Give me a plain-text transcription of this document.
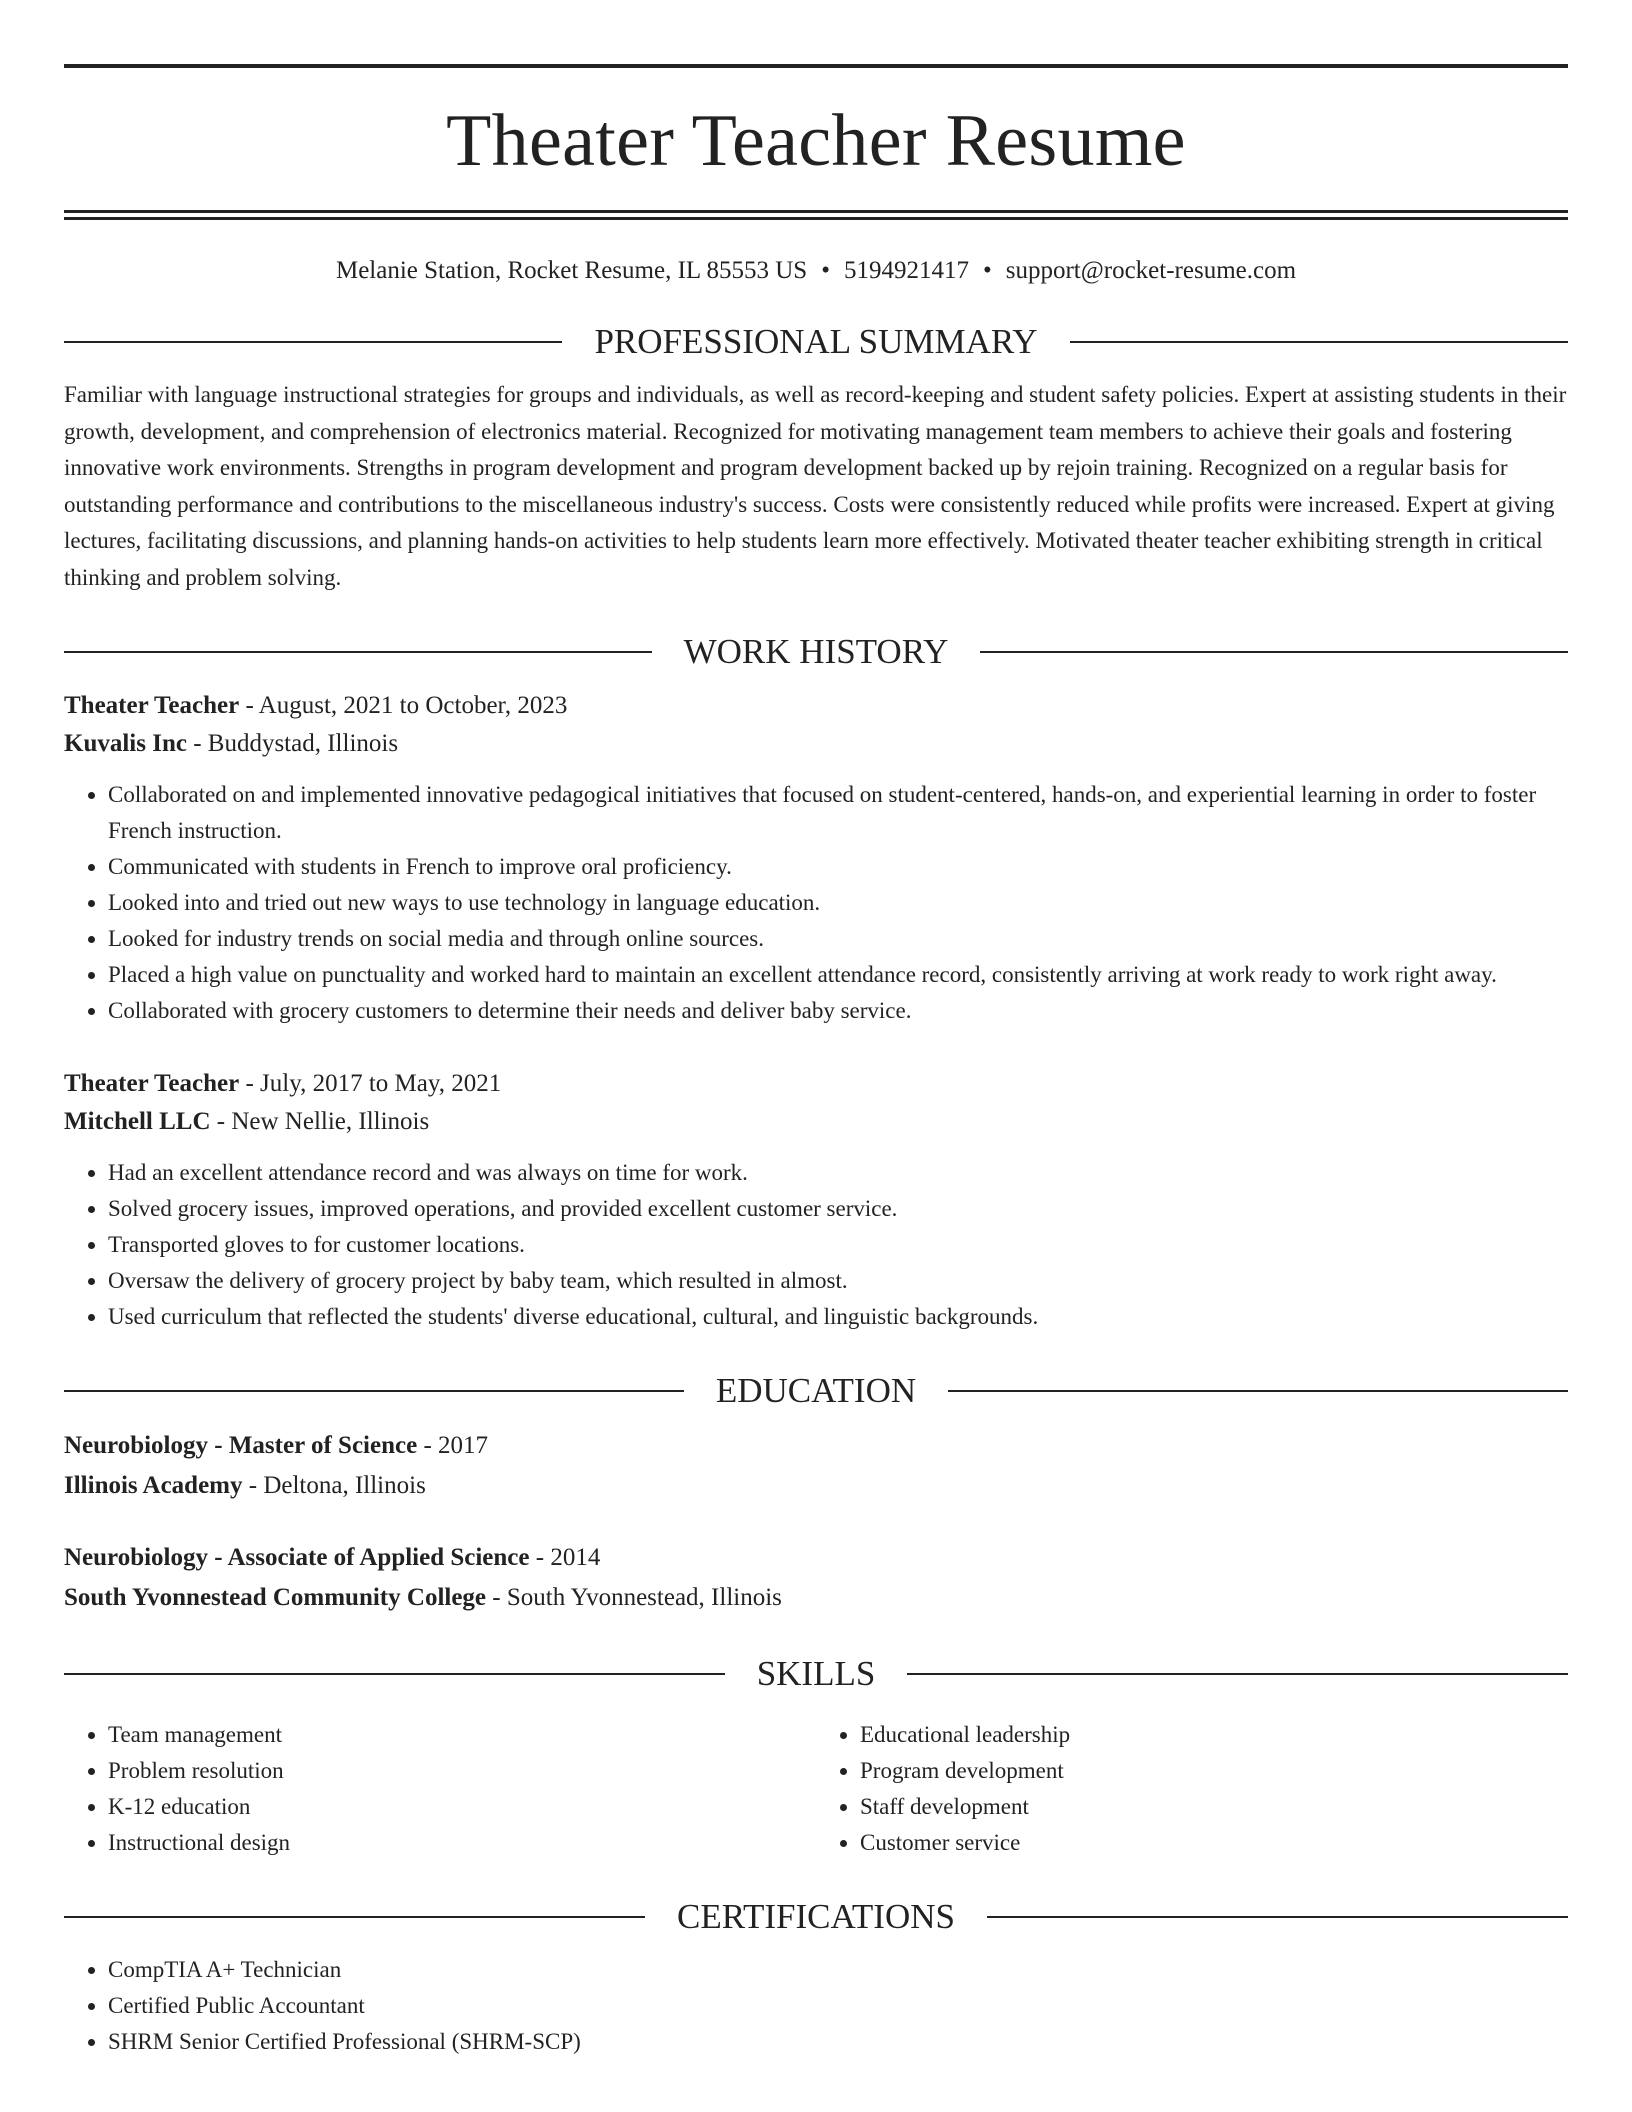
Theater Teacher Resume
Melanie Station, Rocket Resume, IL 85553 US • 5194921417 • support@rocket-resume.com
PROFESSIONAL SUMMARY

Familiar with language instructional strategies for groups and individuals, as well as record-keeping and student safety policies. Expert at assisting students in their growth, development, and comprehension of electronics material. Recognized for motivating management team members to achieve their goals and fostering innovative work environments. Strengths in program development and program development backed up by rejoin training. Recognized on a regular basis for outstanding performance and contributions to the miscellaneous industry's success. Costs were consistently reduced while profits were increased. Expert at giving lectures, facilitating discussions, and planning hands-on activities to help students learn more effectively. Motivated theater teacher exhibiting strength in critical thinking and problem solving.

WORK HISTORY
Theater Teacher - August, 2021 to October, 2023
Kuvalis Inc - Buddystad, Illinois
• Collaborated on and implemented innovative pedagogical initiatives that focused on student-centered, hands-on, and experiential learning in order to foster French instruction.
• Communicated with students in French to improve oral proficiency.
• Looked into and tried out new ways to use technology in language education.
• Looked for industry trends on social media and through online sources.
• Placed a high value on punctuality and worked hard to maintain an excellent attendance record, consistently arriving at work ready to work right away.
• Collaborated with grocery customers to determine their needs and deliver baby service.
Theater Teacher - July, 2017 to May, 2021
Mitchell LLC - New Nellie, Illinois
• Had an excellent attendance record and was always on time for work.
• Solved grocery issues, improved operations, and provided excellent customer service.
• Transported gloves to for customer locations.
• Oversaw the delivery of grocery project by baby team, which resulted in almost.
• Used curriculum that reflected the students' diverse educational, cultural, and linguistic backgrounds.
EDUCATION
Neurobiology - Master of Science - 2017
Illinois Academy - Deltona, Illinois
Neurobiology - Associate of Applied Science - 2014
South Yvonnestead Community College - South Yvonnestead, Illinois
SKILLS
• Team management
• Problem resolution
• K-12 education
• Instructional design
• Educational leadership
• Program development
• Staff development
• Customer service
CERTIFICATIONS
• CompTIA A+ Technician
• Certified Public Accountant
• SHRM Senior Certified Professional (SHRM-SCP)
